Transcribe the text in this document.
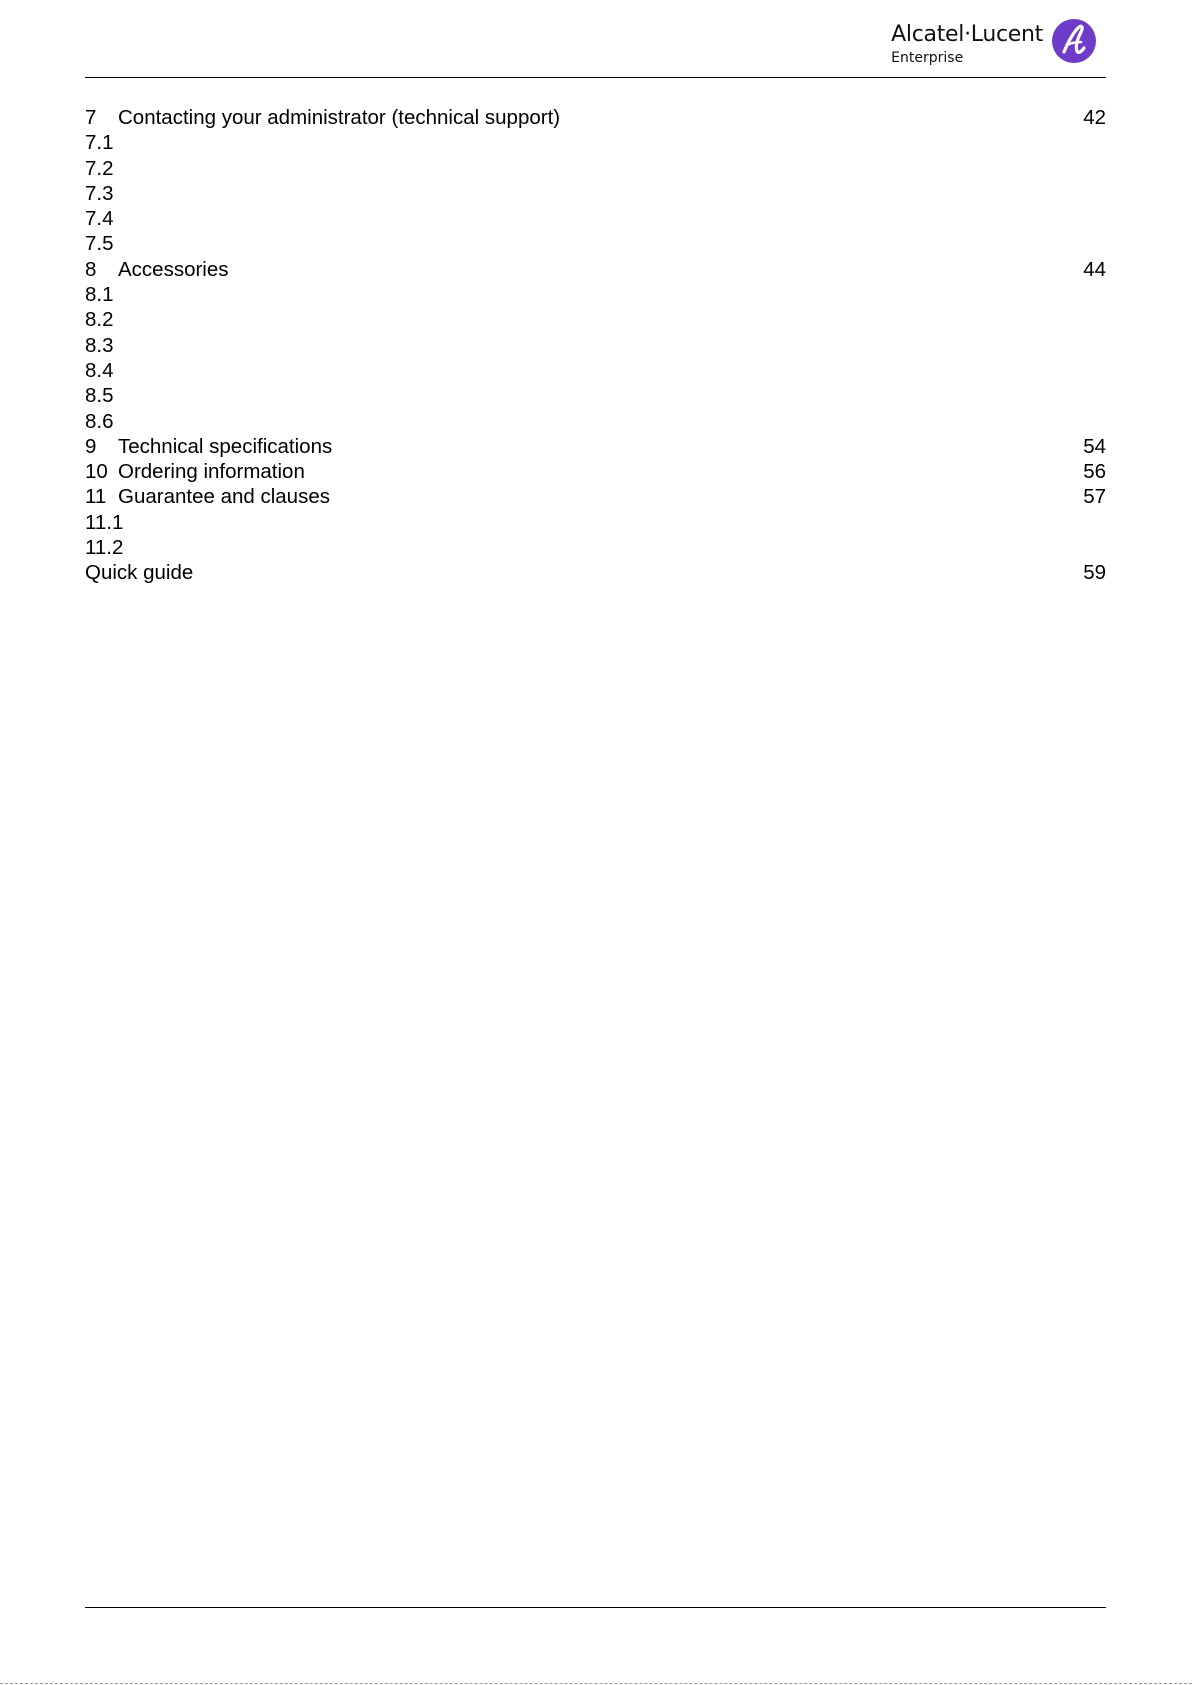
Alcatel·Lucent
Enterprise
7 Contacting your administrator (technical support)	42
7.1
7.2
7.3
7.4
7.5
8 Accessories	44
8.1
8.2
8.3
8.4
8.5
8.6
9 Technical specifications	54
10 Ordering information	56
11 Guarantee and clauses	57
11.1
11.2
Quick guide	59
